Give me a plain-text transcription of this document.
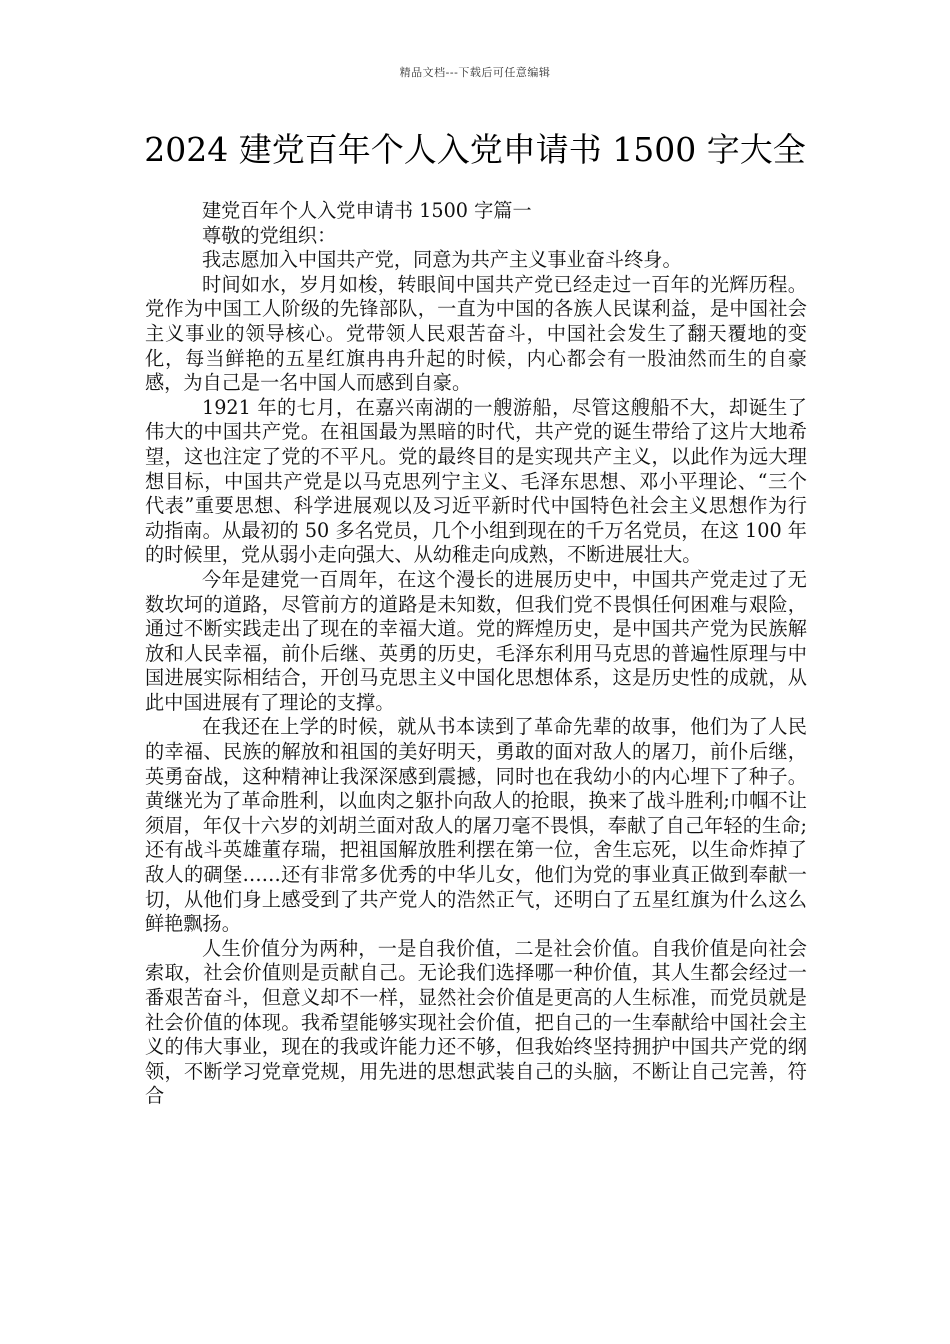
精品文档---下载后可任意编辑
2024 建党百年个人入党申请书 1500 字大全

建党百年个人入党申请书 1500 字篇一

尊敬的党组织：

我志愿加入中国共产党，同意为共产主义事业奋斗终身。

时间如水，岁月如梭，转眼间中国共产党已经走过一百年的光辉历程。党作为中国工人阶级的先锋部队，一直为中国的各族人民谋利益，是中国社会主义事业的领导核心。党带领人民艰苦奋斗，中国社会发生了翻天覆地的变化，每当鲜艳的五星红旗冉冉升起的时候，内心都会有一股油然而生的自豪感，为自己是一名中国人而感到自豪。

1921 年的七月，在嘉兴南湖的一艘游船，尽管这艘船不大，却诞生了伟大的中国共产党。在祖国最为黑暗的时代，共产党的诞生带给了这片大地希望，这也注定了党的不平凡。党的最终目的是实现共产主义，以此作为远大理想目标，中国共产党是以马克思列宁主义、毛泽东思想、邓小平理论、“三个代表”重要思想、科学进展观以及习近平新时代中国特色社会主义思想作为行动指南。从最初的 50 多名党员，几个小组到现在的千万名党员，在这 100 年的时候里，党从弱小走向强大、从幼稚走向成熟，不断进展壮大。

今年是建党一百周年，在这个漫长的进展历史中，中国共产党走过了无数坎坷的道路，尽管前方的道路是未知数，但我们党不畏惧任何困难与艰险，通过不断实践走出了现在的幸福大道。党的辉煌历史，是中国共产党为民族解放和人民幸福，前仆后继、英勇的历史，毛泽东利用马克思的普遍性原理与中国进展实际相结合，开创马克思主义中国化思想体系，这是历史性的成就，从此中国进展有了理论的支撑。

在我还在上学的时候，就从书本读到了革命先辈的故事，他们为了人民的幸福、民族的解放和祖国的美好明天，勇敢的面对敌人的屠刀，前仆后继，英勇奋战，这种精神让我深深感到震撼，同时也在我幼小的内心埋下了种子。黄继光为了革命胜利，以血肉之躯扑向敌人的抢眼，换来了战斗胜利;巾帼不让须眉，年仅十六岁的刘胡兰面对敌人的屠刀毫不畏惧，奉献了自己年轻的生命;还有战斗英雄董存瑞，把祖国解放胜利摆在第一位，舍生忘死，以生命炸掉了敌人的碉堡……还有非常多优秀的中华儿女，他们为党的事业真正做到奉献一切，从他们身上感受到了共产党人的浩然正气，还明白了五星红旗为什么这么鲜艳飘扬。

人生价值分为两种，一是自我价值，二是社会价值。自我价值是向社会索取，社会价值则是贡献自己。无论我们选择哪一种价值，其人生都会经过一番艰苦奋斗，但意义却不一样，显然社会价值是更高的人生标准，而党员就是社会价值的体现。我希望能够实现社会价值，把自己的一生奉献给中国社会主义的伟大事业，现在的我或许能力还不够，但我始终坚持拥护中国共产党的纲领，不断学习党章党规，用先进的思想武装自己的头脑，不断让自己完善，符合
